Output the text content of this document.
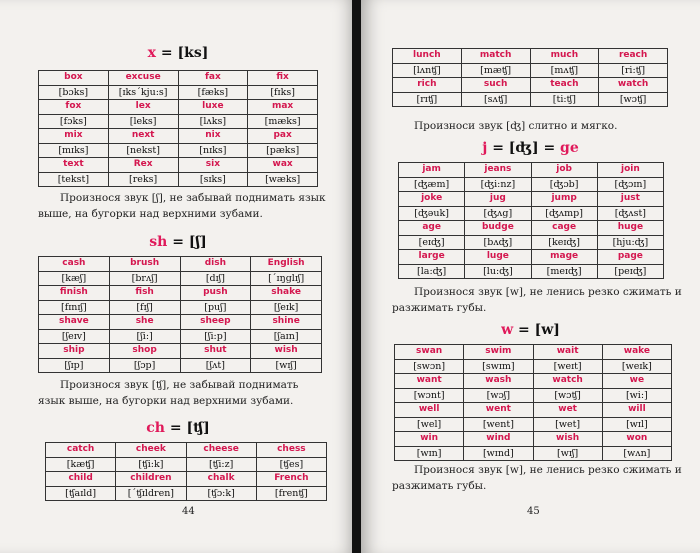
x = [ks]
box	excuse	fax	fix
[bɔks]	[ɪks´kju:s]	[fæks]	[fɪks]
fox	lex	luxe	max
[fɔks]	[leks]	[lʌks]	[mæks]
mix	next	nix	pax
[mɪks]	[nekst]	[nɪks]	[pæks]
text	Rex	six	wax
[tekst]	[reks]	[sɪks]	[wæks]

Произнося звук [ʃ], не забывай поднимать язык выше, на бугорки над верхними зубами.

sh = [ʃ]
cash	brush	dish	English
[kæʃ]	[brʌʃ]	[dɪʃ]	[´ɪŋglɪʃ]
finish	fish	push	shake
[fɪnɪʃ]	[fɪʃ]	[puʃ]	[ʃeɪk]
shave	she	sheep	shine
[ʃeɪv]	[ʃi:]	[ʃi:p]	[ʃaɪn]
ship	shop	shut	wish
[ʃɪp]	[ʃɔp]	[ʃʌt]	[wɪʃ]

Произнося звук [ʧ], не забывай поднимать язык выше, на бугорки над верхними зубами.

ch = [ʧ]
catch	cheek	cheese	chess
[kæʧ]	[ʧi:k]	[ʧi:z]	[ʧes]
child	children	chalk	French
[ʧaɪld]	[´ʧɪldren]	[ʧɔ:k]	[frenʧ]
44
lunch	match	much	reach
[lʌnʧ]	[mæʧ]	[mʌʧ]	[ri:ʧ]
rich	such	teach	watch
[rɪʧ]	[sʌʧ]	[ti:ʧ]	[wɔʧ]

Произноси звук [ʤ] слитно и мягко.

j = [ʤ] = ge
jam	jeans	job	join
[ʤæm]	[ʤi:nz]	[ʤɔb]	[ʤɔɪn]
joke	jug	jump	just
[ʤəuk]	[ʤʌg]	[ʤʌmp]	[ʤʌst]
age	budge	cage	huge
[eɪʤ]	[bʌʤ]	[keɪʤ]	[hju:ʤ]
large	luge	mage	page
[la:ʤ]	[lu:ʤ]	[meɪʤ]	[peɪʤ]

Произнося звук [w], не ленись резко сжимать и разжимать губы.

w = [w]
swan	swim	wait	wake
[swɔn]	[swɪm]	[weɪt]	[weɪk]
want	wash	watch	we
[wɔnt]	[wɔʃ]	[wɔʧ]	[wi:]
well	went	wet	will
[wel]	[went]	[wet]	[wɪl]
win	wind	wish	won
[wɪn]	[wɪnd]	[wɪʃ]	[wʌn]

Произнося звук [w], не ленись резко сжимать и разжимать губы.

45
